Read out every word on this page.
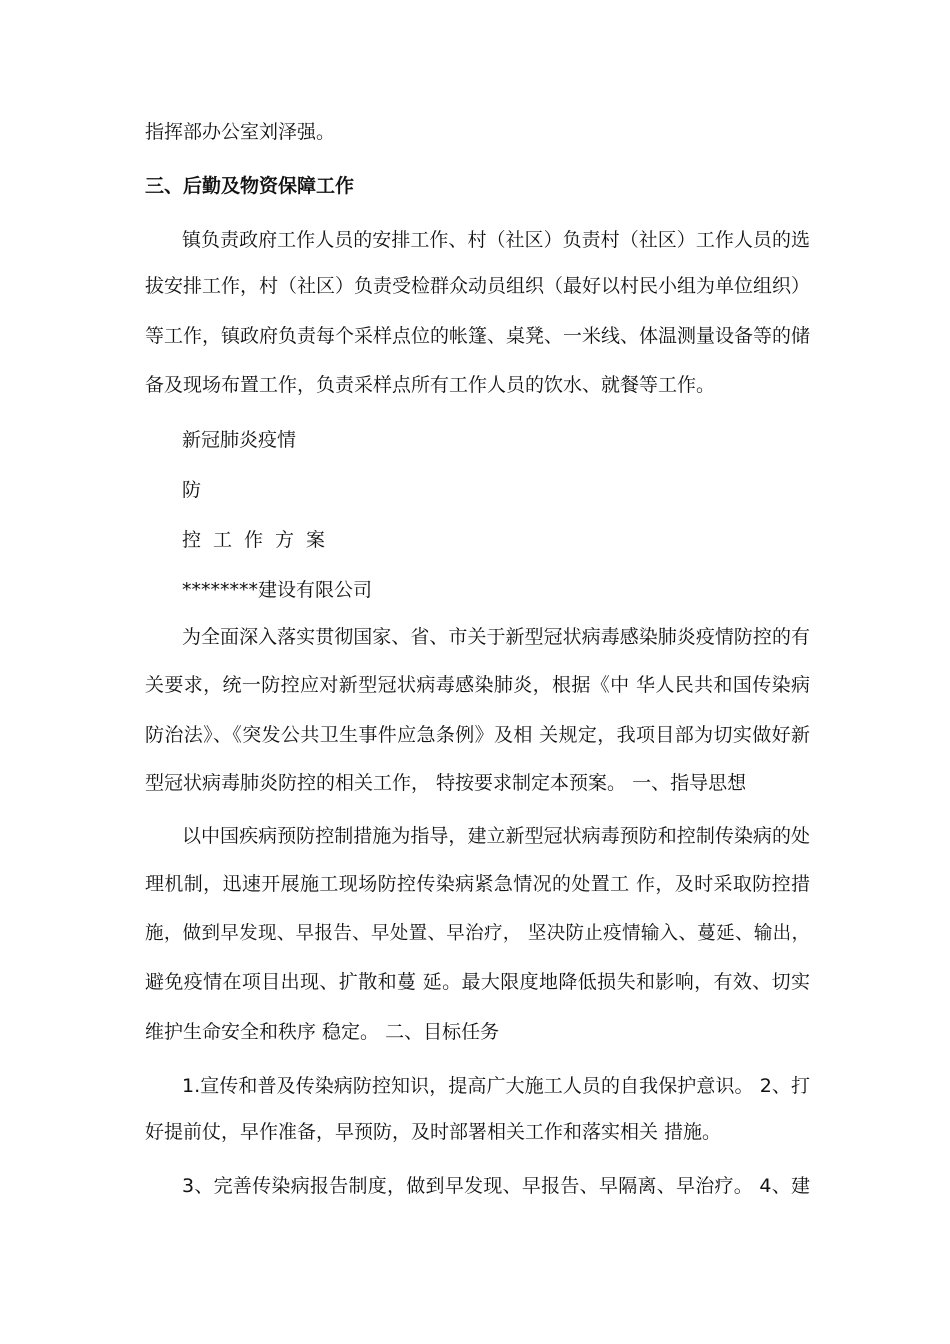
指挥部办公室刘泽强。
三、后勤及物资保障工作
镇负责政府工作人员的安排工作、村（社区）负责村（社区）工作人员的选
拔安排工作，村（社区）负责受检群众动员组织（最好以村民小组为单位组织）
等工作，镇政府负责每个采样点位的帐篷、桌凳、一米线、体温测量设备等的储
备及现场布置工作，负责采样点所有工作人员的饮水、就餐等工作。
新冠肺炎疫情
防
控工作方案
********建设有限公司
为全面深入落实贯彻国家、省、市关于新型冠状病毒感染肺炎疫情防控的有
关要求，统一防控应对新型冠状病毒感染肺炎，根据《中 华人民共和国传染病
防治法》、《突发公共卫生事件应急条例》及相 关规定，我项目部为切实做好新
型冠状病毒肺炎防控的相关工作， 特按要求制定本预案。 一、指导思想
以中国疾病预防控制措施为指导，建立新型冠状病毒预防和控制传染病的处
理机制，迅速开展施工现场防控传染病紧急情况的处置工 作，及时采取防控措
施，做到早发现、早报告、早处置、早治疗， 坚决防止疫情输入、蔓延、输出，
避免疫情在项目出现、扩散和蔓 延。最大限度地降低损失和影响，有效、切实
维护生命安全和秩序 稳定。 二、目标任务
1.宣传和普及传染病防控知识，提高广大施工人员的自我保护意识。 2、打
好提前仗，早作准备，早预防，及时部署相关工作和落实相关 措施。
3、完善传染病报告制度，做到早发现、早报告、早隔离、早治疗。 4、建
